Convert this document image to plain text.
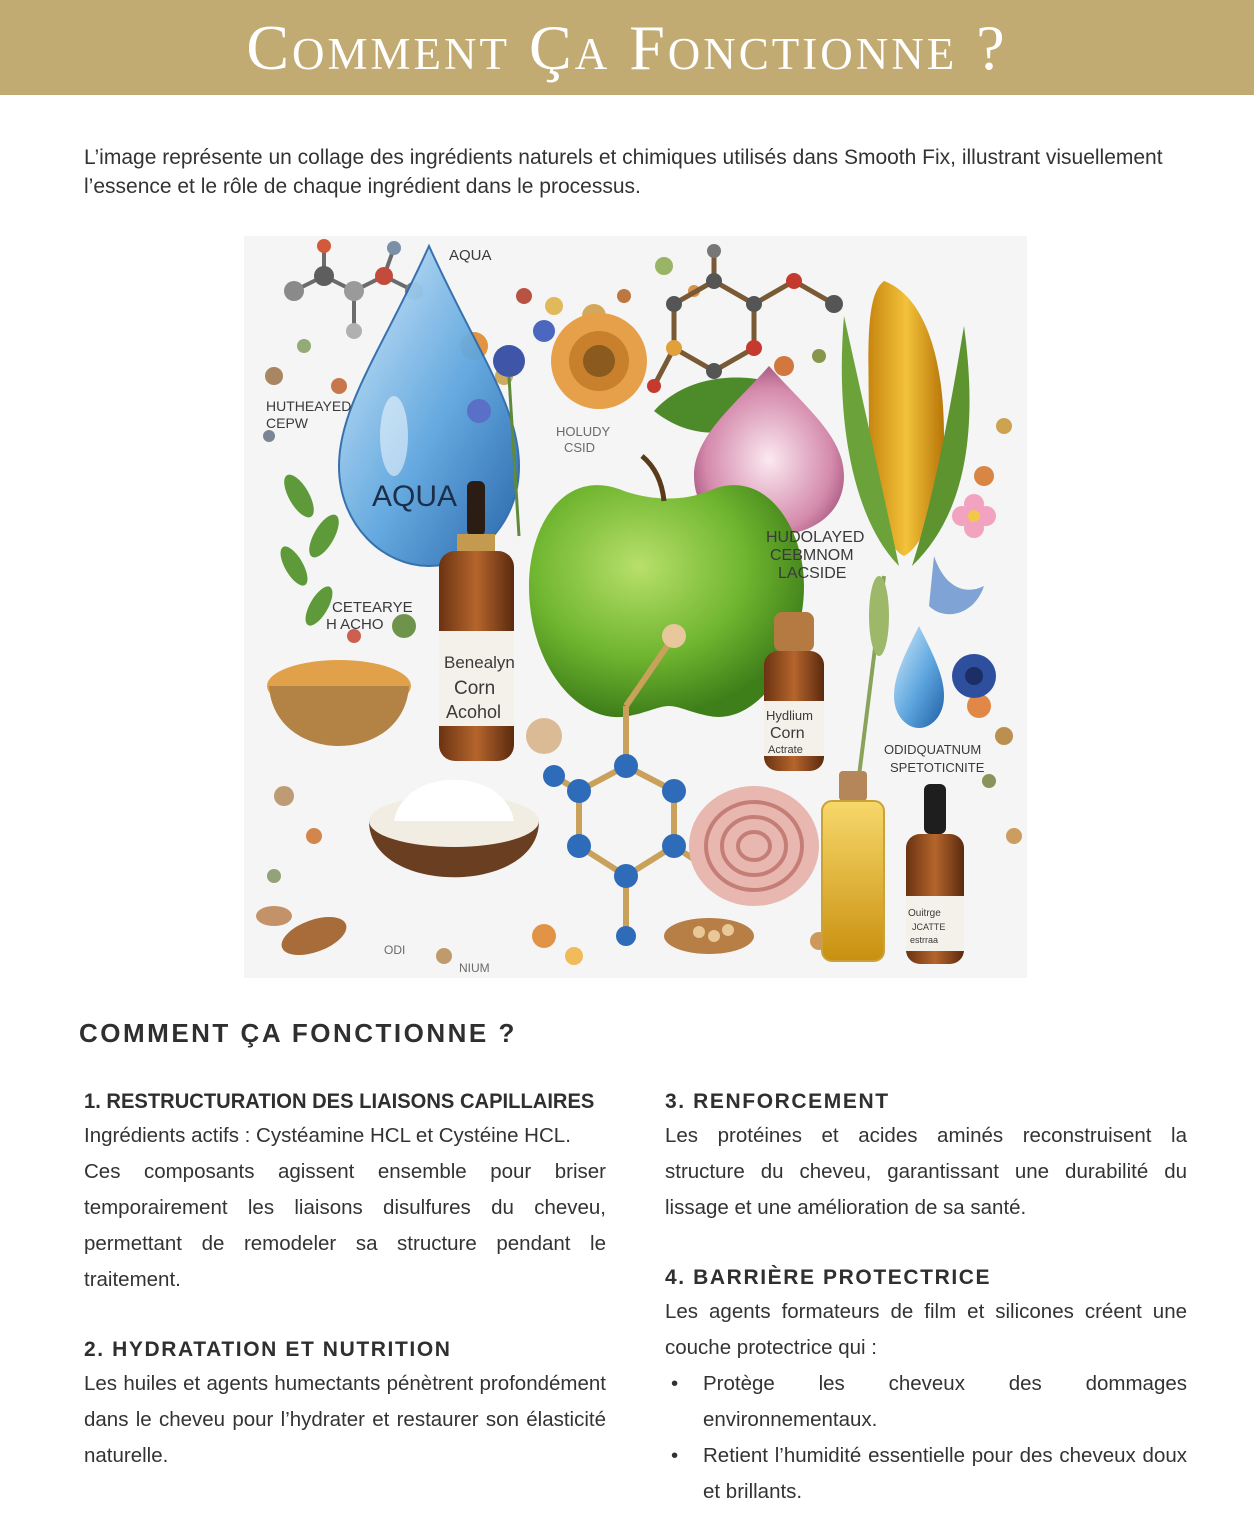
Comment Ça Fonctionne ?

L’image représente un collage des ingrédients naturels et chimiques utilisés dans Smooth Fix, illustrant visuellement l’essence et le rôle de chaque ingrédient dans le processus.

AQUA
AQUA
HUTHEAYED
CEPW
HOLUDY
CSID
HUDOLAYED
CEBMNOM
LACSIDE
CETEARYE
H ACHO
Benealyn
Corn
Acohol	Hydlium
Corn
Actrate	ODIDQUATNUM
SPETOTICNITE
Ouitrge
JCATTE
estrraa
ODI
NIUM
COMMENT ÇA FONCTIONNE ?
1. RESTRUCTURATION DES LIAISONS CAPILLAIRES

Ingrédients actifs : Cystéamine HCL et Cystéine HCL.

Ces composants agissent ensemble pour briser temporairement les liaisons disulfures du cheveu, permettant de remodeler sa structure pendant le traitement.

2. HYDRATATION ET NUTRITION

Les huiles et agents humectants pénètrent profondément dans le cheveu pour l’hydrater et restaurer son élasticité naturelle.

3. RENFORCEMENT

Les protéines et acides aminés reconstruisent la structure du cheveu, garantissant une durabilité du lissage et une amélioration de sa santé.

4. BARRIÈRE PROTECTRICE

Les agents formateurs de film et silicones créent une couche protectrice qui :

• Protège les cheveux des dommages environnementaux.
• Retient l’humidité essentielle pour des cheveux doux et brillants.
